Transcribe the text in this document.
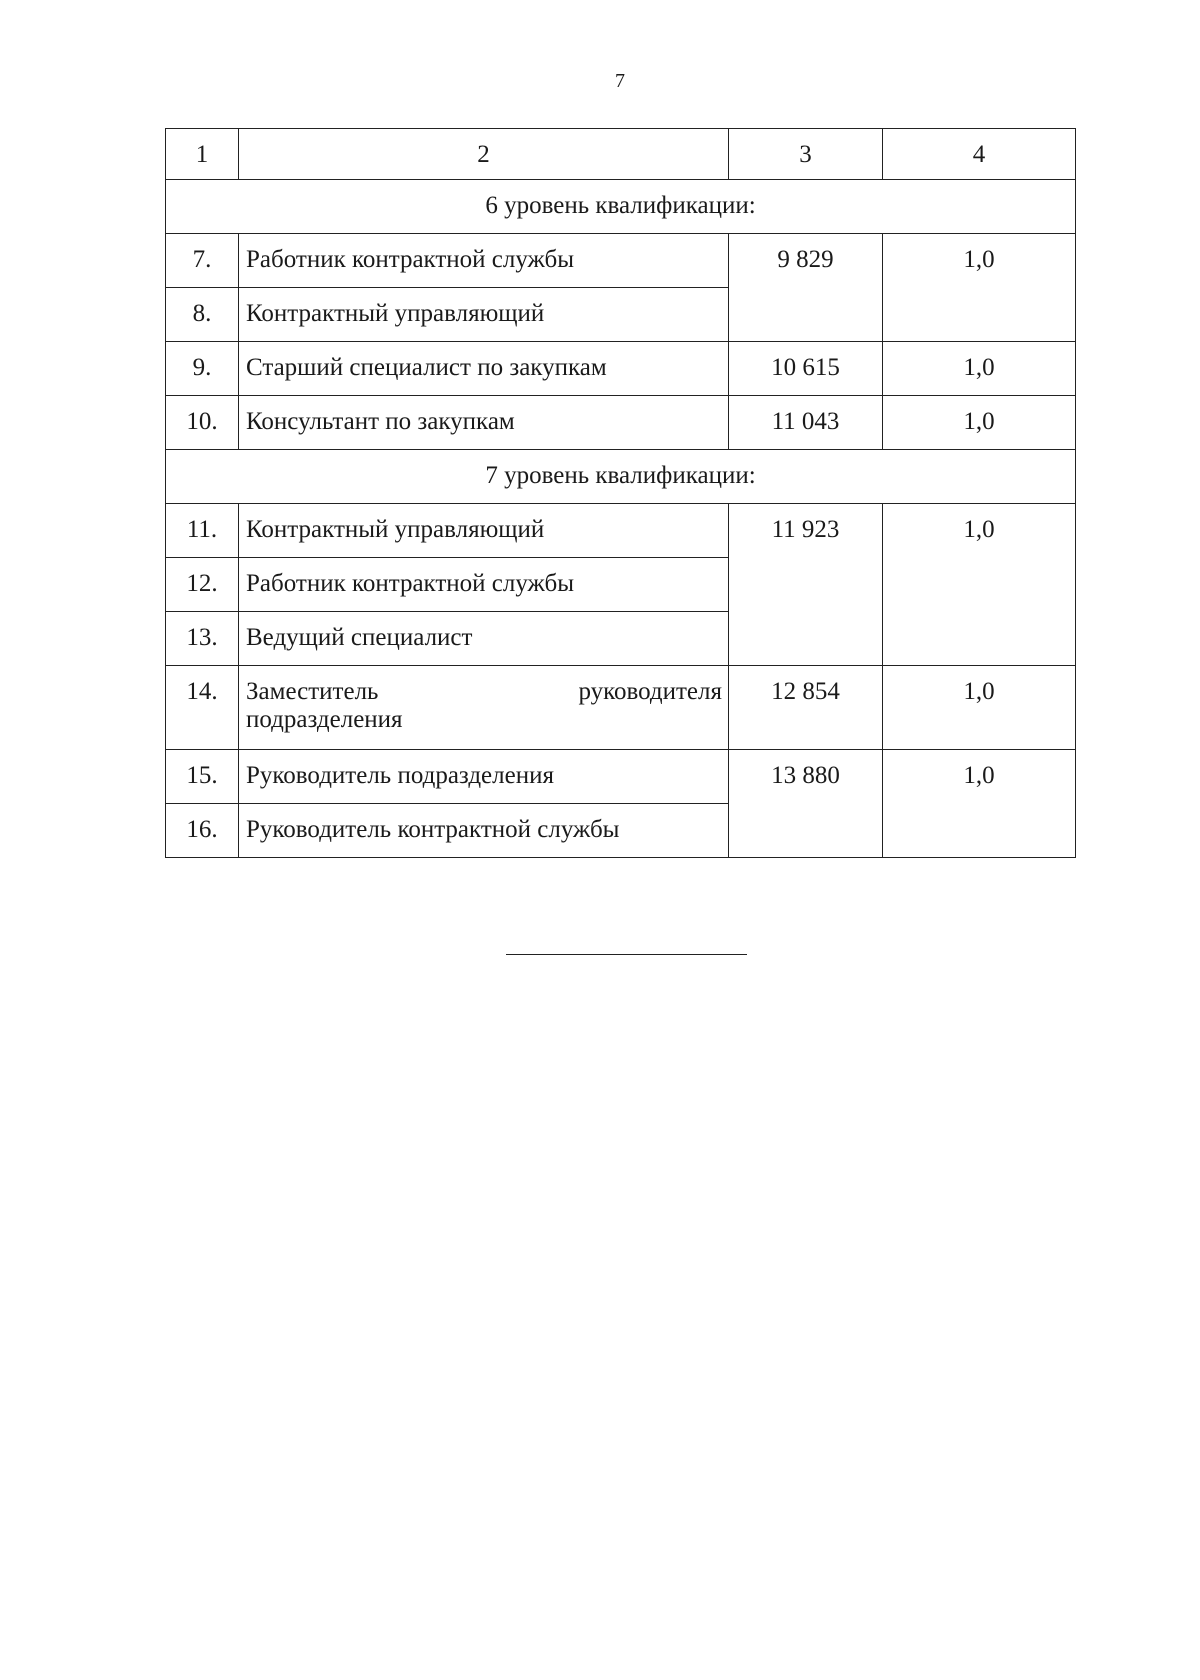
7
1	2	3	4
6 уровень квалификации:			
7.	Работник контрактной службы	9 829	1,0
8.	Контрактный управляющий		
9.	Старший специалист по закупкам	10 615	1,0
10.	Консультант по закупкам	11 043	1,0
7 уровень квалификации:			
11.	Контрактный управляющий	11 923	1,0
12.	Работник контрактной службы		
13.	Ведущий специалист		
14.	Заместитель руководителя
подразделения	12 854	1,0
15.	Руководитель подразделения	13 880	1,0
16.	Руководитель контрактной службы		
